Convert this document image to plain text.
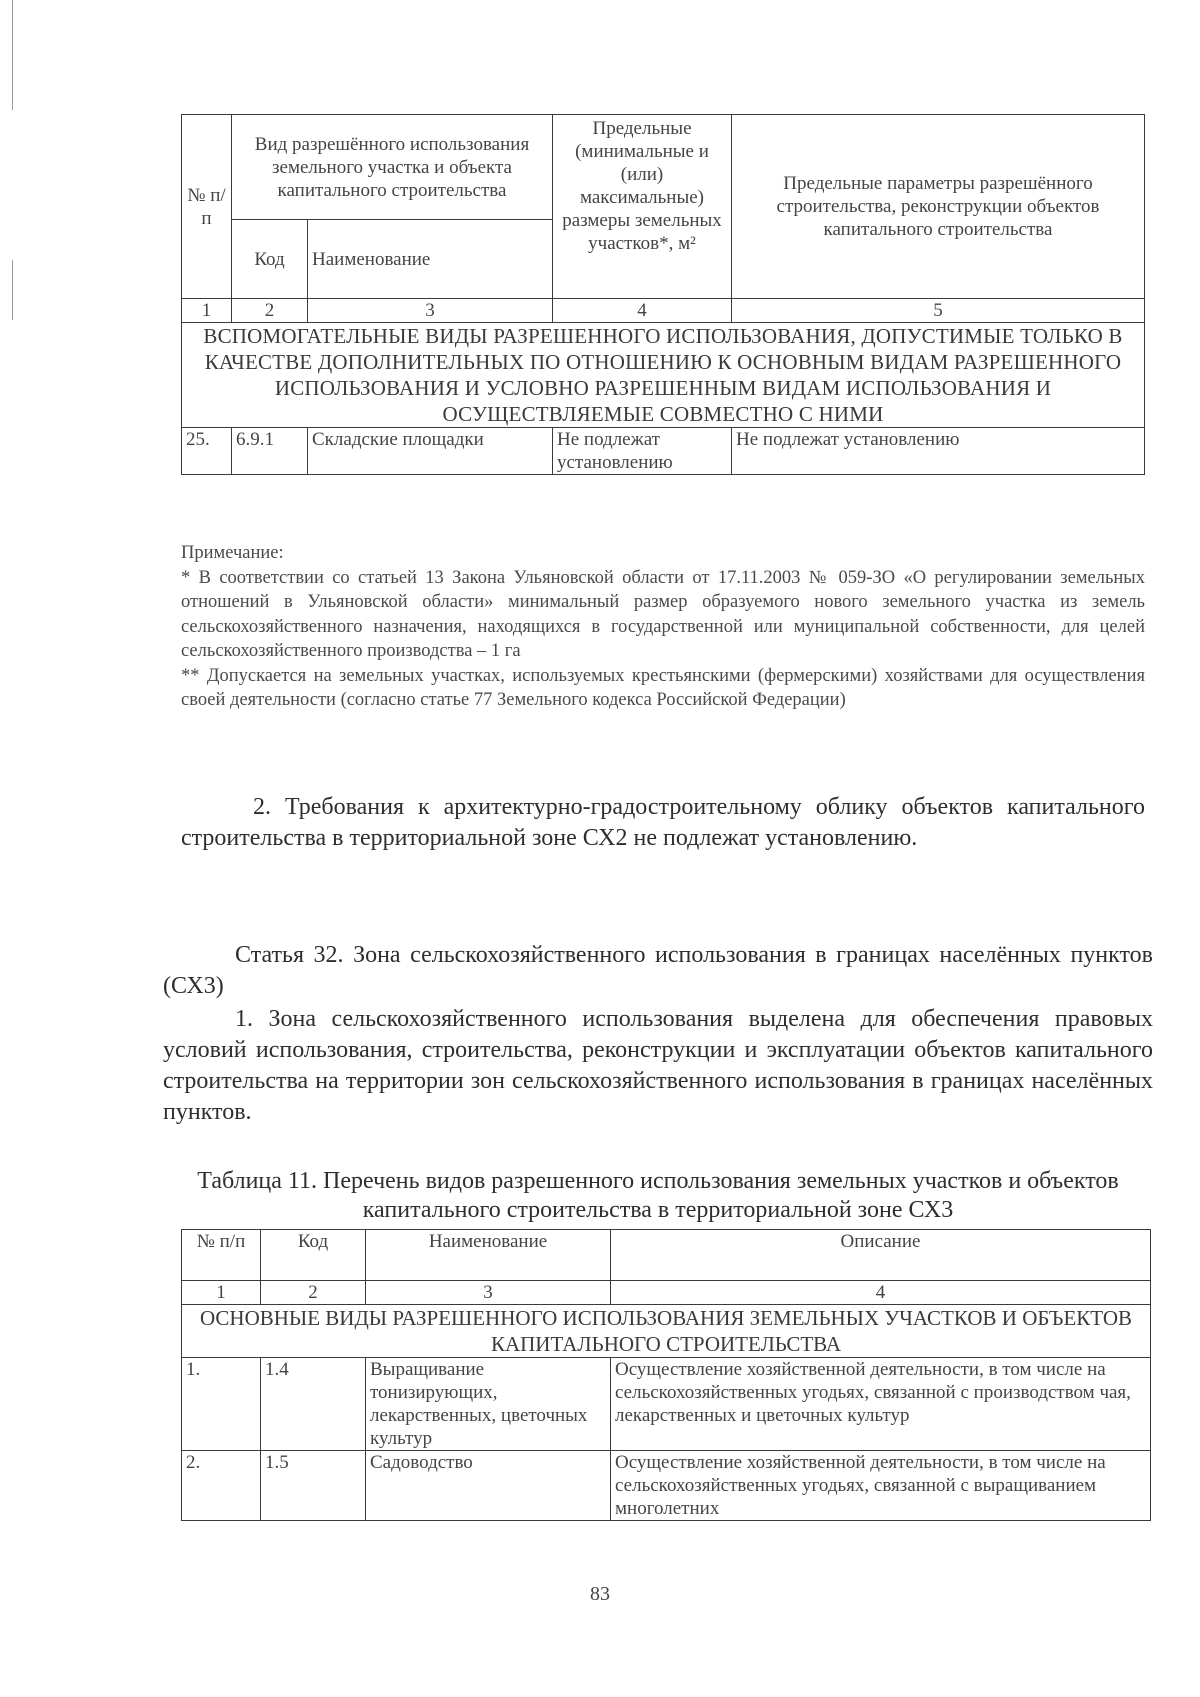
№ п/п	Вид разрешённого использования земельного участка и объекта капитального строительства		Предельные (минимальные и (или) максимальные) размеры земельных участков*, м²	Предельные параметры разрешённого строительства, реконструкции объектов капитального строительства
	Код	Наименование		
1	2	3	4	5
ВСПОМОГАТЕЛЬНЫЕ ВИДЫ РАЗРЕШЕННОГО ИСПОЛЬЗОВАНИЯ, ДОПУСТИМЫЕ ТОЛЬКО В КАЧЕСТВЕ ДОПОЛНИТЕЛЬНЫХ ПО ОТНОШЕНИЮ К ОСНОВНЫМ ВИДАМ РАЗРЕШЕННОГО ИСПОЛЬЗОВАНИЯ И УСЛОВНО РАЗРЕШЕННЫМ ВИДАМ ИСПОЛЬЗОВАНИЯ И ОСУЩЕСТВЛЯЕМЫЕ СОВМЕСТНО С НИМИ				
25.	6.9.1	Складские площадки	Не подлежат установлению	Не подлежат установлению

Примечание:

* В соответствии со статьей 13 Закона Ульяновской области от 17.11.2003 № 059-ЗО «О регулировании земельных отношений в Ульяновской области» минимальный размер образуемого нового земельного участка из земель сельскохозяйственного назначения, находящихся в государственной или муниципальной собственности, для целей сельскохозяйственного производства – 1 га

** Допускается на земельных участках, используемых крестьянскими (фермерскими) хозяйствами для осуществления своей деятельности (согласно статье 77 Земельного кодекса Российской Федерации)

2. Требования к архитектурно-градостроительному облику объектов капитального строительства в территориальной зоне СХ2 не подлежат установлению.

Статья 32. Зона сельскохозяйственного использования в границах населённых пунктов (СХ3)

1. Зона сельскохозяйственного использования выделена для обеспечения правовых условий использования, строительства, реконструкции и эксплуатации объектов капитального строительства на территории зон сельскохозяйственного использования в границах населённых пунктов.

Таблица 11. Перечень видов разрешенного использования земельных участков и объектов капитального строительства в территориальной зоне СХ3

№ п/п	Код	Наименование	Описание
1	2	3	4
ОСНОВНЫЕ ВИДЫ РАЗРЕШЕННОГО ИСПОЛЬЗОВАНИЯ ЗЕМЕЛЬНЫХ УЧАСТКОВ И ОБЪЕКТОВ КАПИТАЛЬНОГО СТРОИТЕЛЬСТВА			
1.	1.4	Выращивание тонизирующих, лекарственных, цветочных культур	Осуществление хозяйственной деятельности, в том числе на сельскохозяйственных угодьях, связанной с производством чая, лекарственных и цветочных культур
2.	1.5	Садоводство	Осуществление хозяйственной деятельности, в том числе на сельскохозяйственных угодьях, связанной с выращиванием многолетних
83
